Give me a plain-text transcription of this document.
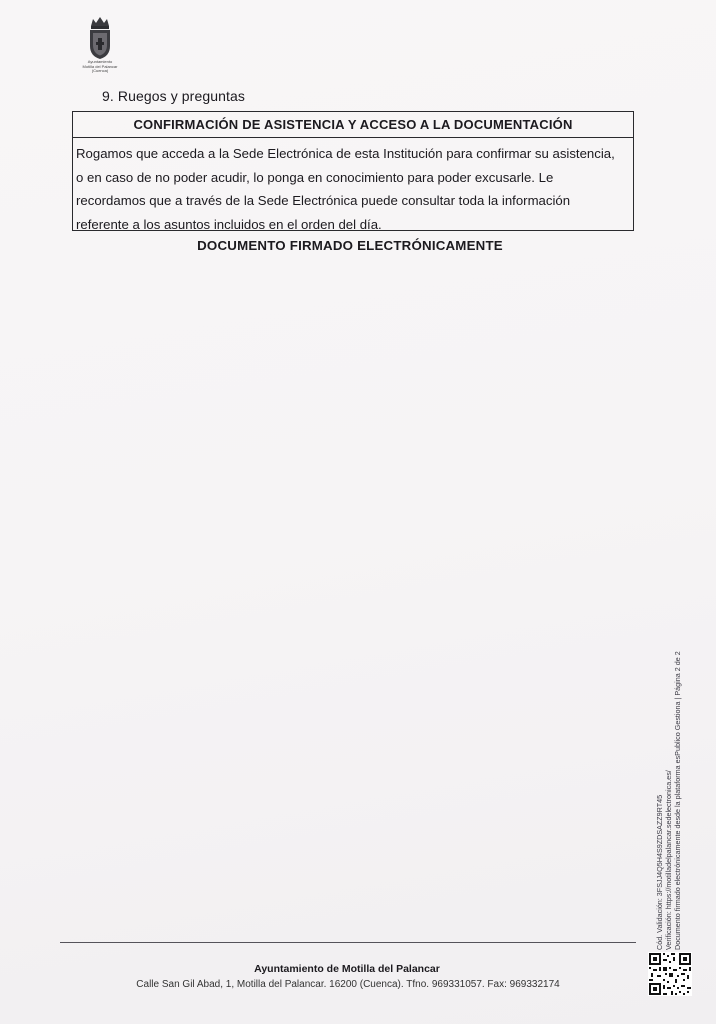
Ayuntamiento
Motilla del Palancar
(Cuenca)
9. Ruegos y preguntas
CONFIRMACIÓN DE ASISTENCIA Y ACCESO A LA DOCUMENTACIÓN
Rogamos que acceda a la Sede Electrónica de esta Institución para confirmar su asistencia,
o en caso de no poder acudir, lo ponga en conocimiento para poder excusarle. Le
recordamos que a través de la Sede Electrónica puede consultar toda la información
referente a los asuntos incluidos en el orden del día.
DOCUMENTO FIRMADO ELECTRÓNICAMENTE
Cód. Validación: 3FSJJ4Q5H4S9ZDSAZZ9RT45 Verificación: https://motilladelpalancar.sedelectronica.es/ Documento firmado electrónicamente desde la plataforma esPublico Gestiona | Página 2 de 2
Ayuntamiento de Motilla del Palancar
Calle San Gil Abad, 1, Motilla del Palancar. 16200 (Cuenca). Tfno. 969331057. Fax: 969332174
